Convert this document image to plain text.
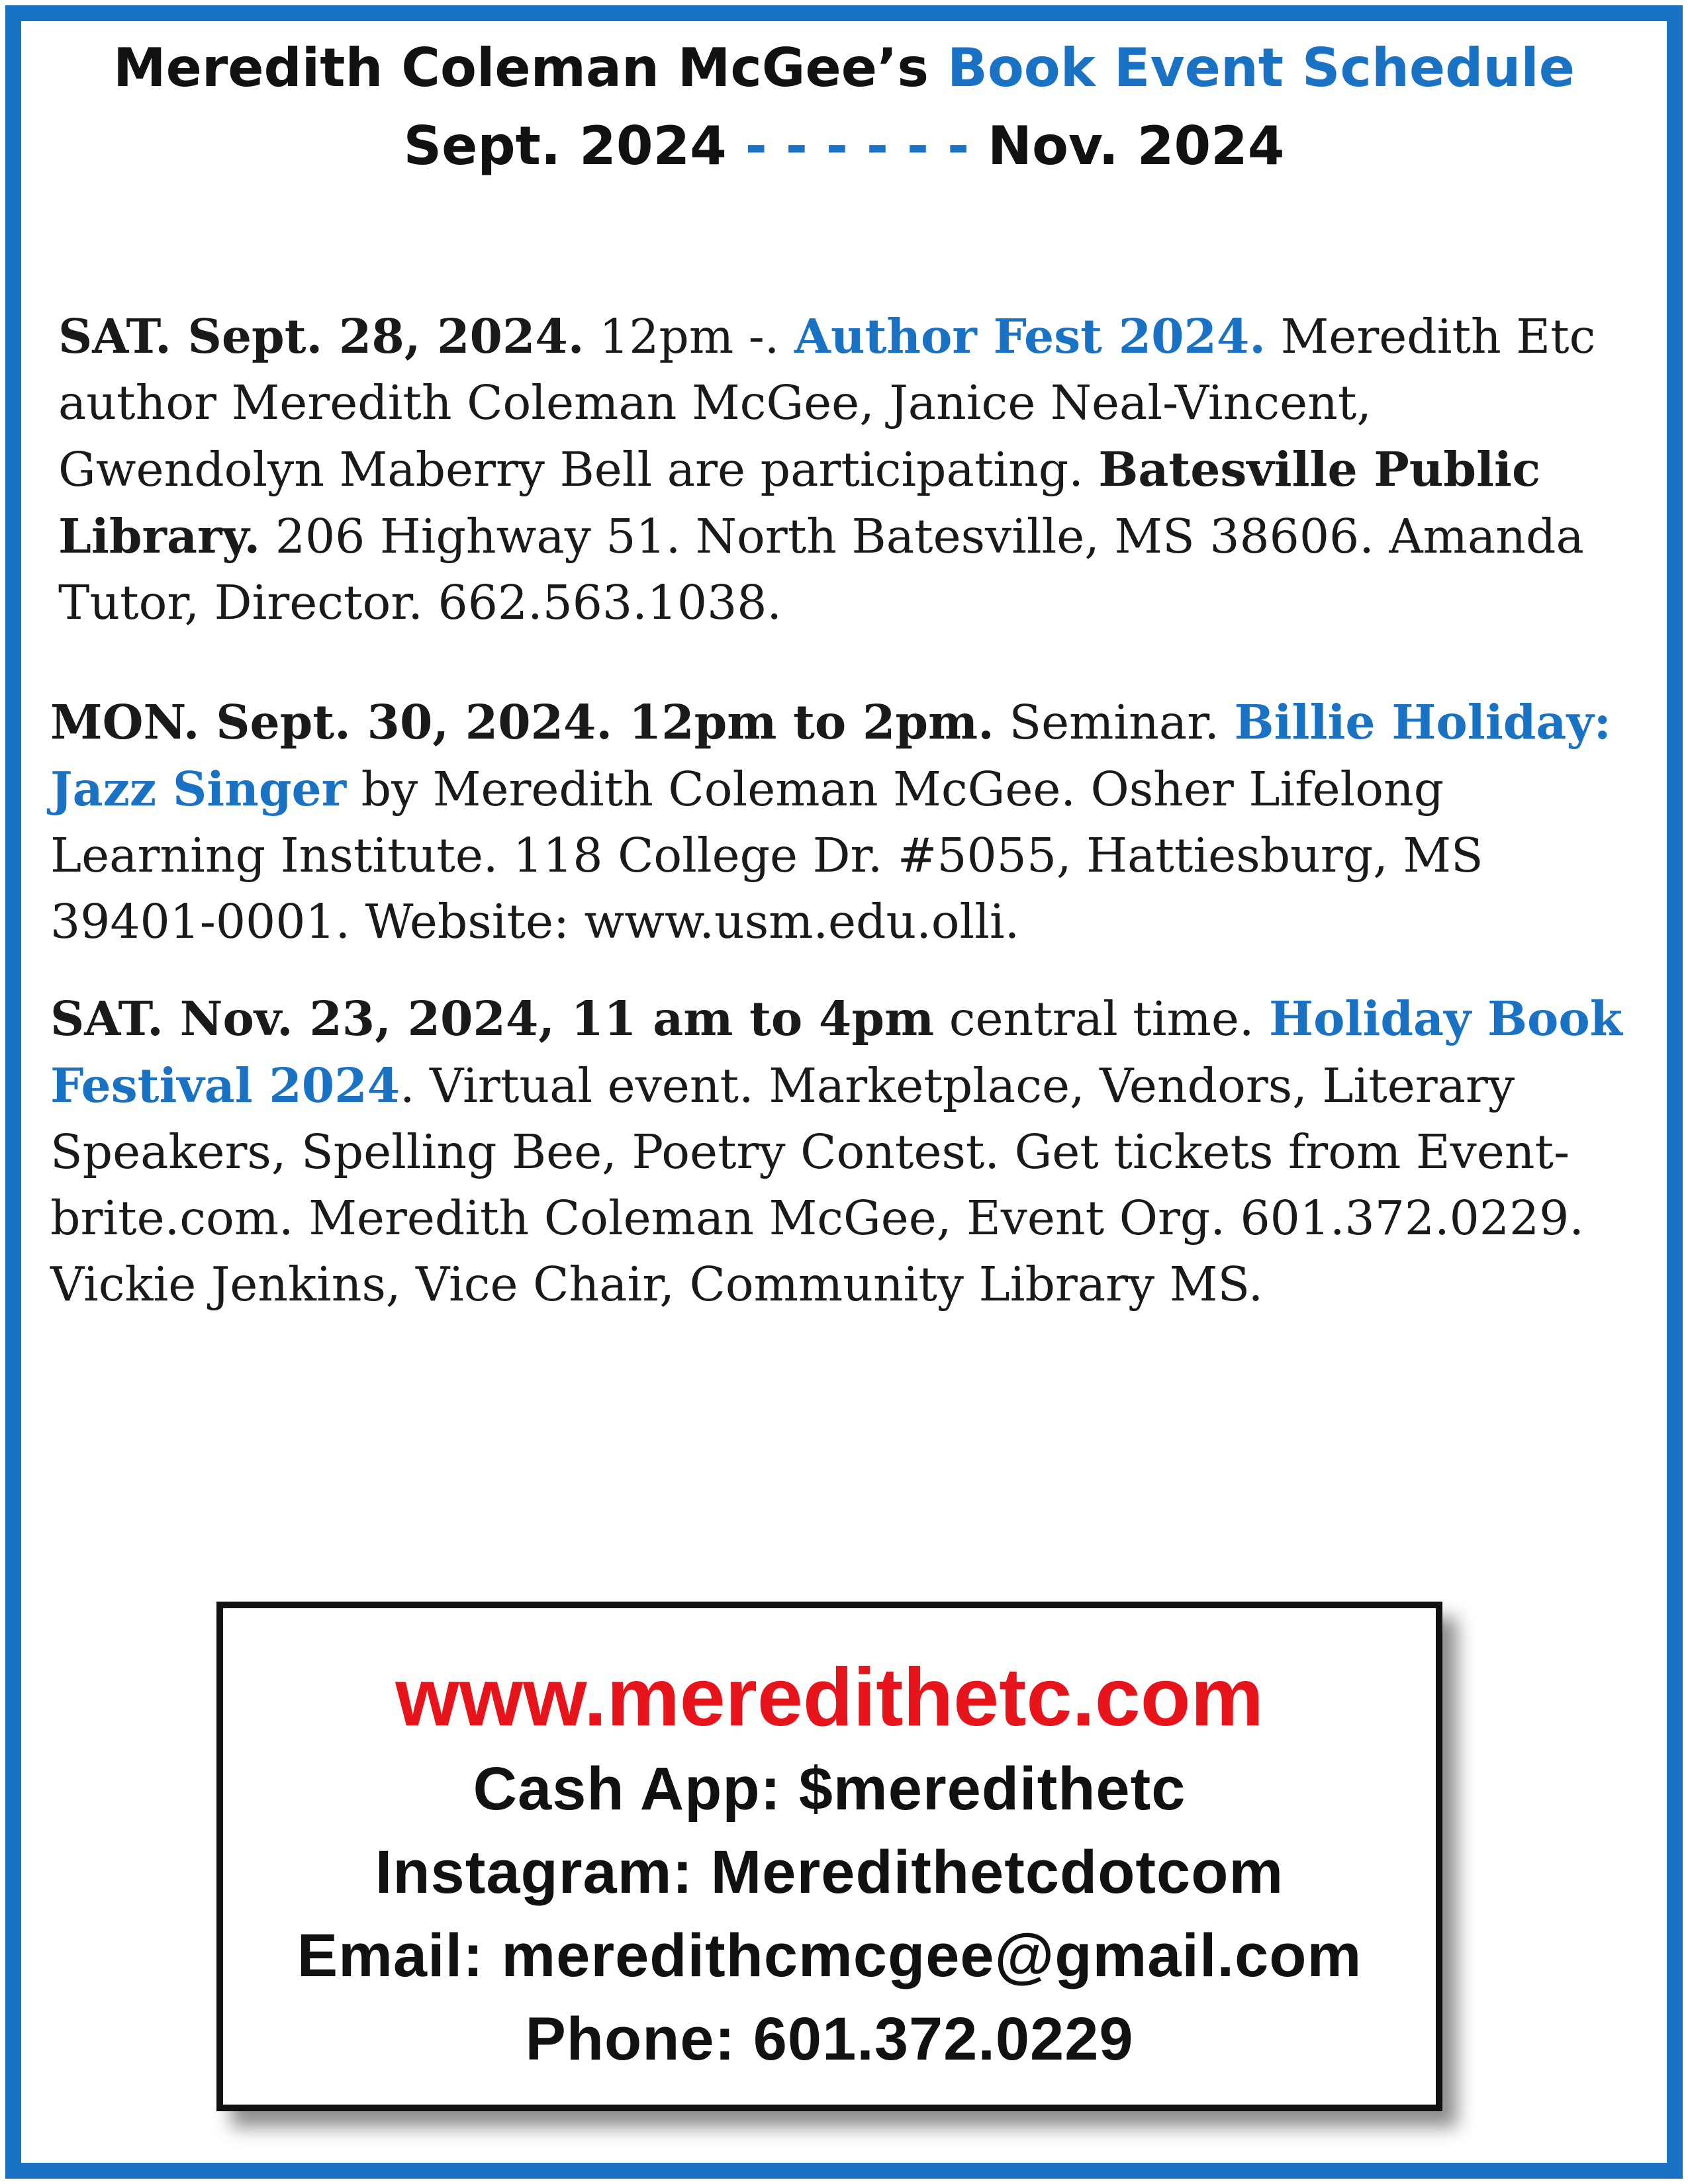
Meredith Coleman McGee’s Book Event Schedule
Sept. 2024 - - - - - - Nov. 2024

SAT. Sept. 28, 2024. 12pm -. Author Fest 2024. Meredith Etc author Meredith Coleman McGee, Janice Neal-Vincent, Gwendolyn Maberry Bell are participating. Batesville Public Library. 206 Highway 51. North Batesville, MS 38606. Amanda Tutor, Director. 662.563.1038.

MON. Sept. 30, 2024. 12pm to 2pm. Seminar. Billie Holiday: Jazz Singer by Meredith Coleman McGee. Osher Lifelong Learning Institute. 118 College Dr. #5055, Hattiesburg, MS 39401-0001. Website: www.usm.edu.olli.

SAT. Nov. 23, 2024, 11 am to 4pm central time. Holiday Book Festival 2024. Virtual event. Marketplace, Vendors, Literary Speakers, Spelling Bee, Poetry Contest. Get tickets from Event-brite.com. Meredith Coleman McGee, Event Org. 601.372.0229. Vickie Jenkins, Vice Chair, Community Library MS.

www.meredithetc.com
Cash App: $meredithetc
Instagram: Meredithetcdotcom
Email: meredithcmcgee@gmail.com
Phone: 601.372.0229
